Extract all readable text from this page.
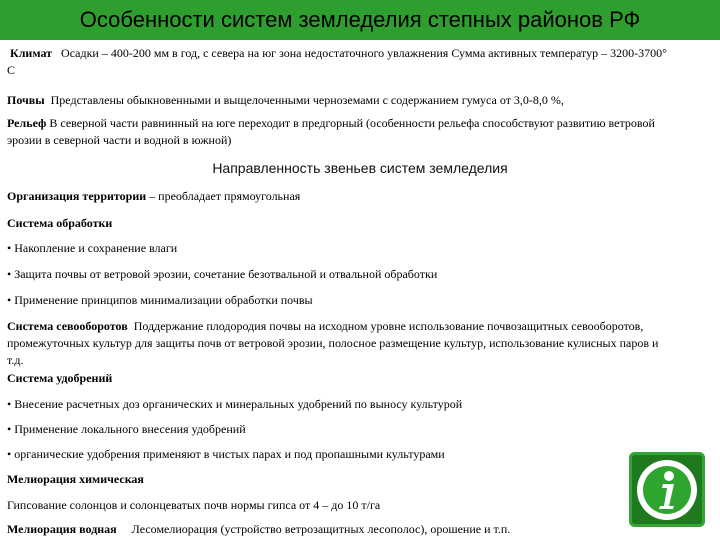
Особенности систем земледелия степных районов РФ
Климат Осадки – 400-200 мм в год, с севера на юг зона недостаточного увлажнения Сумма активных температур – 3200-3700° С
Почвы Представлены обыкновенными и выщелоченными черноземами с содержанием гумуса от 3,0-8,0 %,
Рельеф В северной части равнинный на юге переходит в предгорный (особенности рельефа способствуют развитию ветровой эрозии в северной части и водной в южной)
Направленность звеньев систем земледелия
Организация территории – преобладает прямоугольная
Система обработки
• Накопление и сохранение влаги
• Защита почвы от ветровой эрозии, сочетание безотвальной и отвальной обработки
• Применение принципов минимализации обработки почвы
Система севооборотов Поддержание плодородия почвы на исходном уровне использование почвозащитных севооборотов, промежуточных культур для защиты почв от ветровой эрозии, полосное размещение культур, использование кулисных паров и т.д.
Система удобрений
• Внесение расчетных доз органических и минеральных удобрений по выносу культурой
• Применение локального внесения удобрений
• органические удобрения применяют в чистых парах и под пропашными культурами
Мелиорация химическая
Гипсование солонцов и солонцеватых почв нормы гипса от 4 – до 10 т/га
Мелиорация водная Лесомелиорация (устройство ветрозащитных лесополос), орошение и т.п.
